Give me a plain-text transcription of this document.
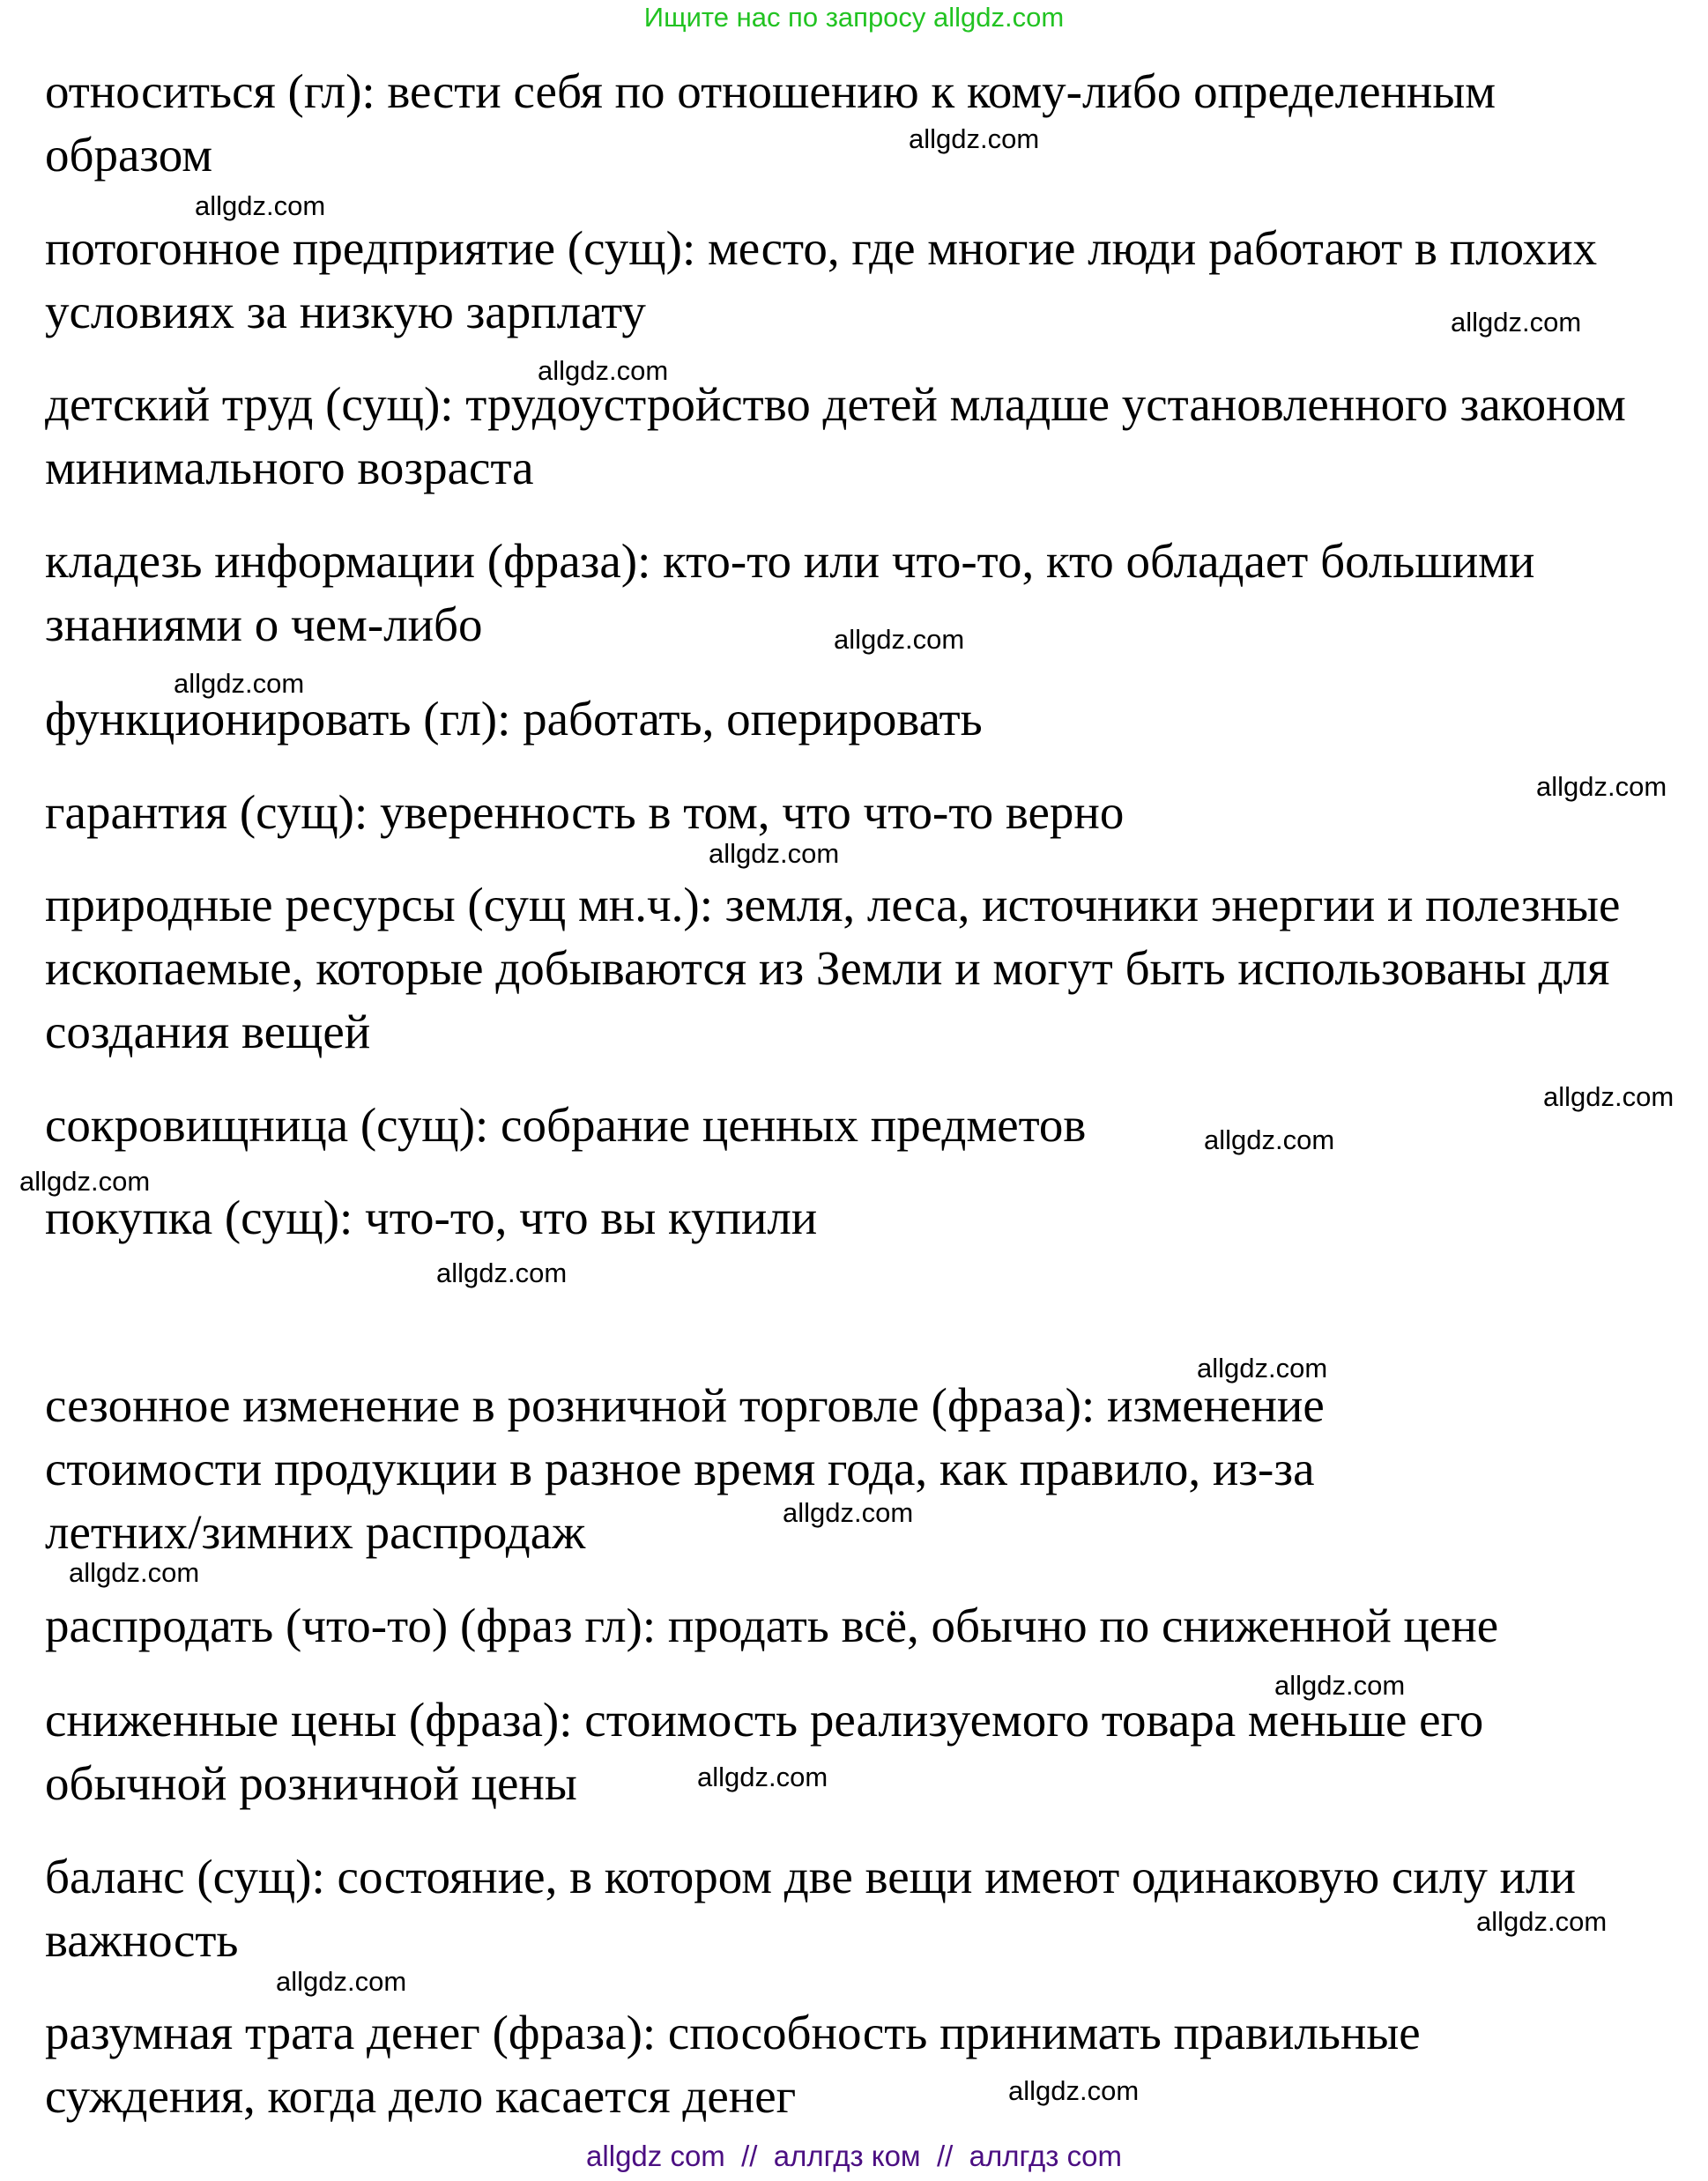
Ищите нас по запросу allgdz.com
относиться (гл): вести себя по отношению к кому-либо определенным образом
потогонное предприятие (сущ): место, где многие люди работают в плохих условиях за низкую зарплату
детский труд (сущ): трудоустройство детей младше установленного законом минимального возраста
кладезь информации (фраза): кто-то или что-то, кто обладает большими знаниями о чем-либо
функционировать (гл): работать, оперировать
гарантия (сущ): уверенность в том, что что-то верно
природные ресурсы (сущ мн.ч.): земля, леса, источники энергии и полезные ископаемые, которые добываются из Земли и могут быть использованы для создания вещей
сокровищница (сущ): собрание ценных предметов
покупка (сущ): что-то, что вы купили
сезонное изменение в розничной торговле (фраза): изменение стоимости продукции в разное время года, как правило, из-за летних/зимних распродаж
распродать (что-то) (фраз гл): продать всё, обычно по сниженной цене
сниженные цены (фраза): стоимость реализуемого товара меньше его обычной розничной цены
баланс (сущ): состояние, в котором две вещи имеют одинаковую силу или важность
разумная трата денег (фраза): способность принимать правильные суждения, когда дело касается денег
allgdz.com
allgdz.com
allgdz.com
allgdz.com
allgdz.com
allgdz.com
allgdz.com
allgdz.com
allgdz.com
allgdz.com
allgdz.com
allgdz.com
allgdz.com
allgdz.com
allgdz.com
allgdz.com
allgdz.com
allgdz.com
allgdz.com
allgdz.com
allgdz com  //  аллгдз ком  //  аллгдз com
